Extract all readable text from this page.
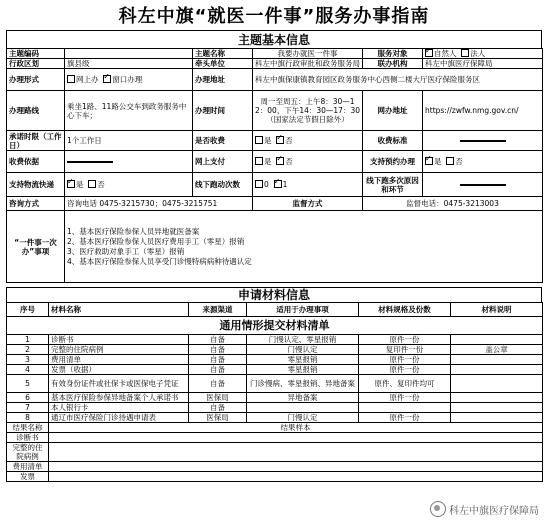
科左中旗“就医一件事”服务办事指南
主题基本信息
主题编码		主题名称	我要办就医一件事	服务对象	✓自然人 法人
行政区划	旗县级	牵头单位	科左中旗行政审批和政务服务局	联办机构	科左中旗医疗保障局
办理形式	网上办 ✓ 窗口办理	办理地址	科左中旗保康镇教育园区政务服务中心西侧二楼大厅医疗保险服务区		
办理路线	乘坐1路、11路公交车到政务服务中心下车；	办理时间	周一至周五：上午8：30—12：00，下午14：30—17：30（国家法定节假日除外）	网办地址	https://zwfw.nmg.gov.cn/
承诺时限（工作日）	1个工作日	是否收费	是 ✓ 否	收费标准	
收费依据		网上支付	是 ✓ 否	支持预约办理	✓是 否
支持物流快递	✓是 否	线下跑动次数	0 ✓ 1	线下跑多次原因和环节	
咨询方式	咨询电话 0475-3215730；0475-3215751		监督方式	监督电话：0475-3213003	
“一件事一次办”事项	1、基本医疗保险参保人员异地就医备案
2、基本医疗保险参保人员医疗费用手工（零星）报销
3、医疗救助对象手工（零星）报销
4、基本医疗保险参保人员享受门诊慢特病病种待遇认定				
申请材料信息
序号	材料名称	来源渠道	适用于办理事项	材料规格及份数	材料说明
通用情形提交材料清单					
1	诊断书	自备	门慢认定、零星报销	原件一份	
2	完整的住院病例	自备	门慢认定	复印件一份	盖公章
3	费用清单	自备	零星报销	原件一份	
4	发票（收据）	自备	零星报销	原件一份	
5	有效身份证件或社保卡或医保电子凭证	自备	门诊慢病、零星报销、异地备案	原件、复印件均可	
6	基本医疗保险参保异地备案个人承诺书	医保局	异地备案	原件一份	
7	本人银行卡	自备			
8	通辽市医疗保险门诊待遇申请表	医保局	门慢认定	原件一份	
结果名称	结果样本				
诊断书					
完整的住院病例					
费用清单					
发票					
科左中旗医疗保障局
